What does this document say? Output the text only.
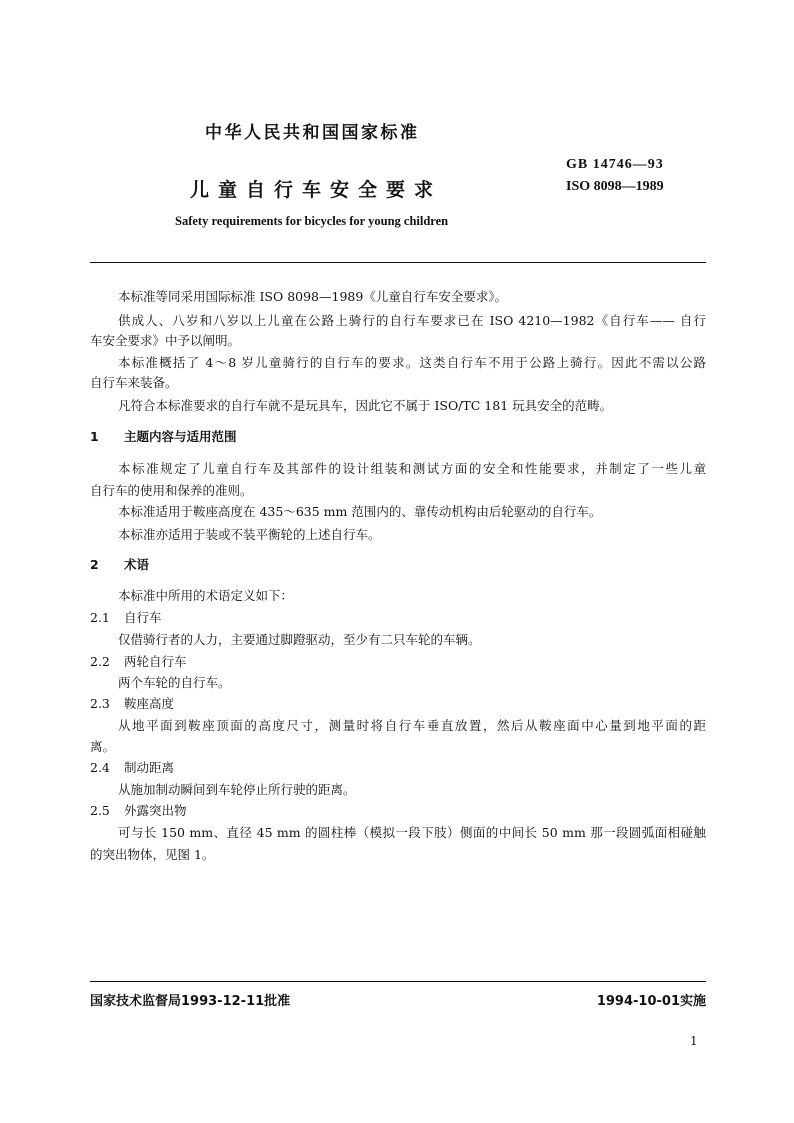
中华人民共和国国家标准
儿童自行车安全要求
GB 14746—93
ISO 8098—1989
Safety requirements for bicycles for young children
本标准等同采用国际标准 ISO 8098—1989《儿童自行车安全要求》。
供成人、八岁和八岁以上儿童在公路上骑行的自行车要求已在 ISO 4210—1982《自行车—— 自行
车安全要求》中予以阐明。
本标准概括了 4～8 岁儿童骑行的自行车的要求。这类自行车不用于公路上骑行。因此不需以公路
自行车来装备。
凡符合本标准要求的自行车就不是玩具车，因此它不属于 ISO/TC 181 玩具安全的范畴。
1 主题内容与适用范围
本标准规定了儿童自行车及其部件的设计组装和测试方面的安全和性能要求，并制定了一些儿童
自行车的使用和保养的准则。
本标准适用于鞍座高度在 435～635 mm 范围内的、靠传动机构由后轮驱动的自行车。
本标准亦适用于装或不装平衡轮的上述自行车。
2 术语
本标准中所用的术语定义如下：
2.1 自行车
仅借骑行者的人力，主要通过脚蹬驱动，至少有二只车轮的车辆。
2.2 两轮自行车
两个车轮的自行车。
2.3 鞍座高度
从地平面到鞍座顶面的高度尺寸，测量时将自行车垂直放置，然后从鞍座面中心量到地平面的距
离。
2.4 制动距离
从施加制动瞬间到车轮停止所行驶的距离。
2.5 外露突出物
可与长 150 mm、直径 45 mm 的圆柱棒（模拟一段下肢）侧面的中间长 50 mm 那一段圆弧面相碰触
的突出物体，见图 1。
国家技术监督局1993-12-11批准	1994-10-01实施
1
